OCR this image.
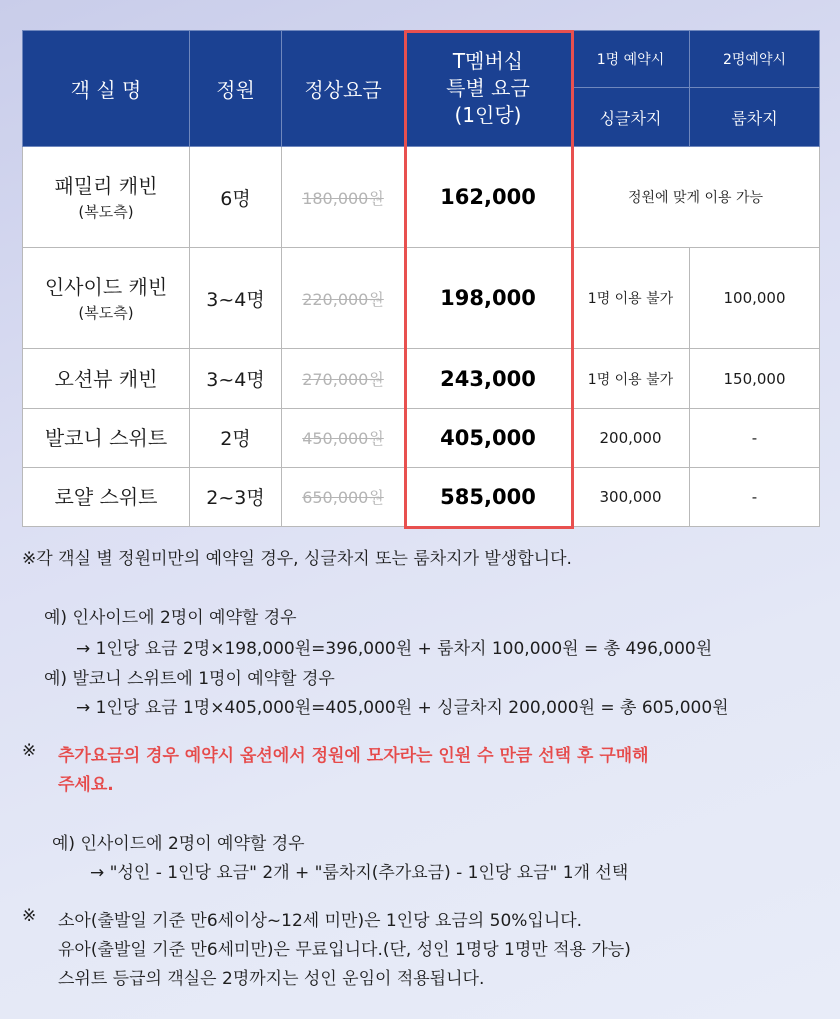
객 실 명	정원	정상요금	T멤버십
특별 요금
(1인당)	1명 예약시	2명예약시
				싱글차지	룸차지
패밀리 캐빈
(복도측)	6명	180,000원	162,000	정원에 맞게 이용 가능	
인사이드 캐빈
(복도측)	3~4명	220,000원	198,000	1명 이용 불가	100,000
오션뷰 캐빈	3~4명	270,000원	243,000	1명 이용 불가	150,000
발코니 스위트	2명	450,000원	405,000	200,000	-
로얄 스위트	2~3명	650,000원	585,000	300,000	-
※각 객실 별 정원미만의 예약일 경우, 싱글차지 또는 룸차지가 발생합니다.
예) 인사이드에 2명이 예약할 경우
→ 1인당 요금 2명×198,000원=396,000원 + 룸차지 100,000원 = 총 496,000원
예) 발코니 스위트에 1명이 예약할 경우
→ 1인당 요금 1명×405,000원=405,000원 + 싱글차지 200,000원 = 총 605,000원
※ 추가요금의 경우 예약시 옵션에서 정원에 모자라는 인원 수 만큼 선택 후 구매해
주세요.
예) 인사이드에 2명이 예약할 경우
→ "성인 - 1인당 요금" 2개 + "룸차지(추가요금) - 1인당 요금" 1개 선택
※ 소아(출발일 기준 만6세이상~12세 미만)은 1인당 요금의 50%입니다.
유아(출발일 기준 만6세미만)은 무료입니다.(단, 성인 1명당 1명만 적용 가능)
스위트 등급의 객실은 2명까지는 성인 운임이 적용됩니다.
